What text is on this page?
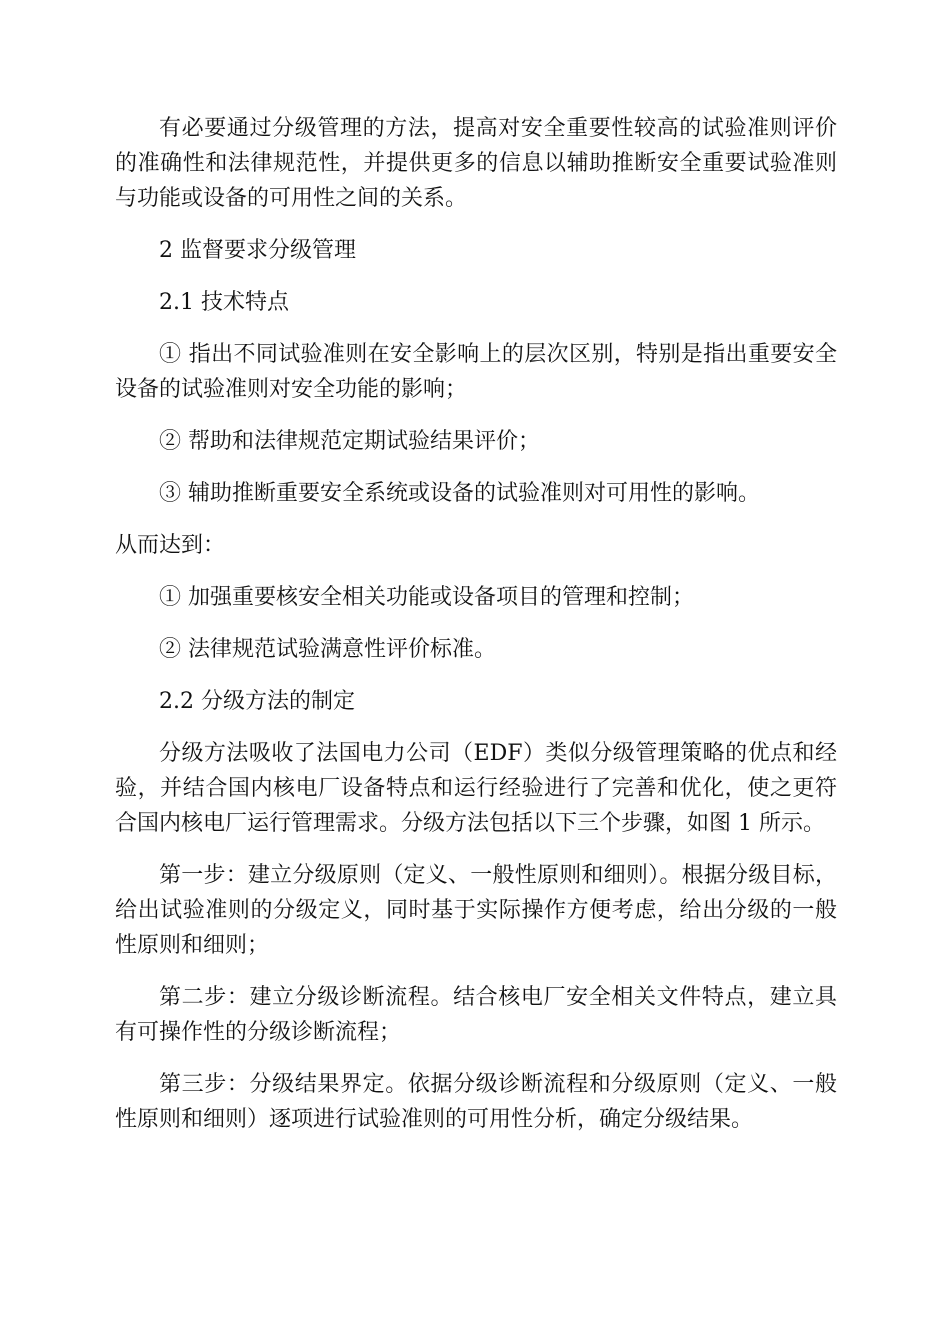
有必要通过分级管理的方法，提高对安全重要性较高的试验准则评价的准确性和法律规范性，并提供更多的信息以辅助推断安全重要试验准则与功能或设备的可用性之间的关系。

2 监督要求分级管理

2.1 技术特点

① 指出不同试验准则在安全影响上的层次区别，特别是指出重要安全设备的试验准则对安全功能的影响；

② 帮助和法律规范定期试验结果评价；

③ 辅助推断重要安全系统或设备的试验准则对可用性的影响。

从而达到：

① 加强重要核安全相关功能或设备项目的管理和控制；

② 法律规范试验满意性评价标准。

2.2 分级方法的制定

分级方法吸收了法国电力公司（EDF）类似分级管理策略的优点和经验，并结合国内核电厂设备特点和运行经验进行了完善和优化，使之更符合国内核电厂运行管理需求。分级方法包括以下三个步骤，如图 1 所示。

第一步：建立分级原则（定义、一般性原则和细则）。根据分级目标，给出试验准则的分级定义，同时基于实际操作方便考虑，给出分级的一般性原则和细则；

第二步：建立分级诊断流程。结合核电厂安全相关文件特点，建立具有可操作性的分级诊断流程；

第三步：分级结果界定。依据分级诊断流程和分级原则（定义、一般性原则和细则）逐项进行试验准则的可用性分析，确定分级结果。
